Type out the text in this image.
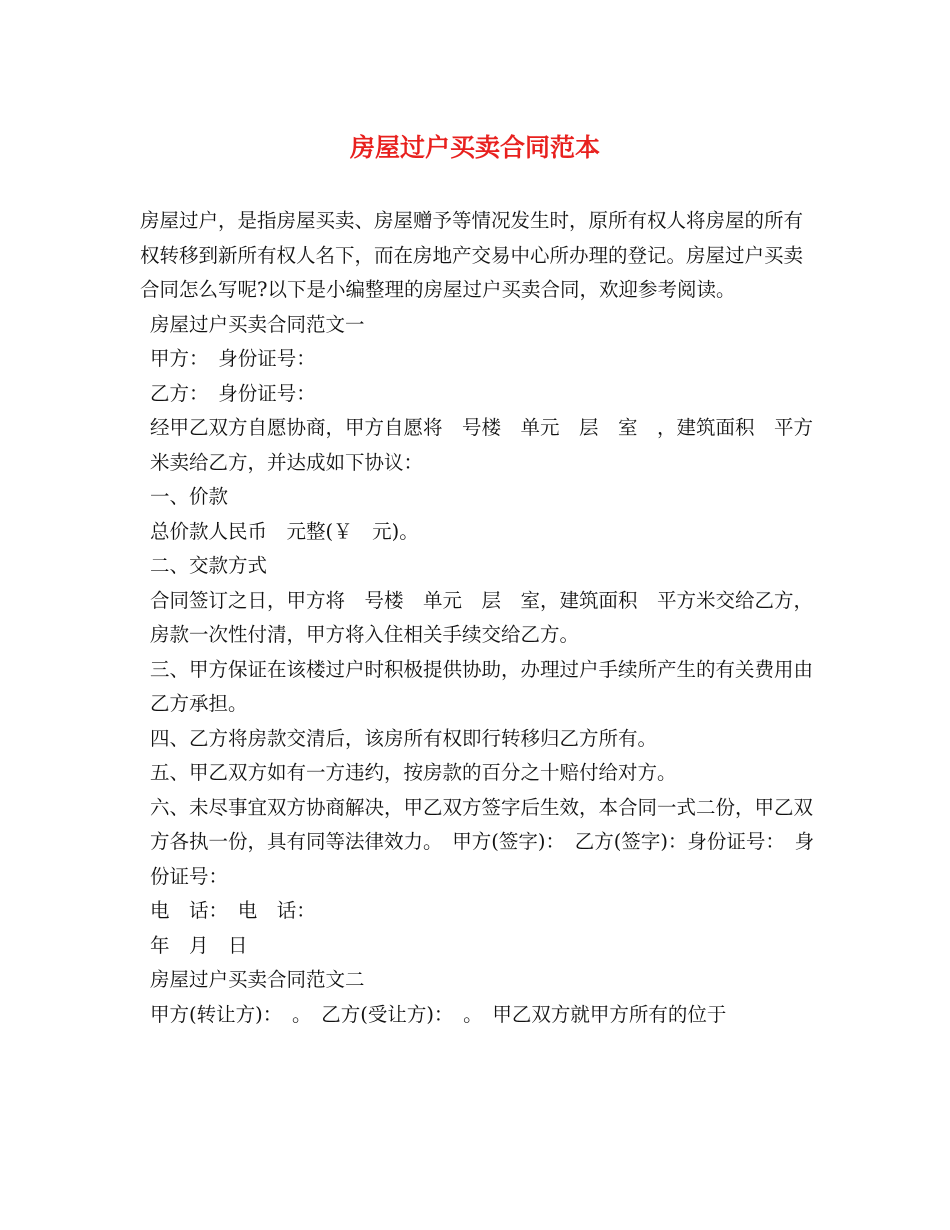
房屋过户买卖合同范本

房屋过户，是指房屋买卖、房屋赠予等情况发生时，原所有权人将房屋的所有权转移到新所有权人名下，而在房地产交易中心所办理的登记。房屋过户买卖合同怎么写呢?以下是小编整理的房屋过户买卖合同，欢迎参考阅读。

房屋过户买卖合同范文一

甲方：　身份证号：

乙方：　身份证号：

经甲乙双方自愿协商，甲方自愿将　号楼　单元　层　室　，建筑面积　平方米卖给乙方，并达成如下协议：

一、价款

总价款人民币　元整(￥　元)。

二、交款方式

合同签订之日，甲方将　号楼　单元　层　室，建筑面积　平方米交给乙方，房款一次性付清，甲方将入住相关手续交给乙方。

三、甲方保证在该楼过户时积极提供协助，办理过户手续所产生的有关费用由乙方承担。

四、乙方将房款交清后，该房所有权即行转移归乙方所有。

五、甲乙双方如有一方违约，按房款的百分之十赔付给对方。

六、未尽事宜双方协商解决，甲乙双方签字后生效，本合同一式二份，甲乙双方各执一份，具有同等法律效力。　甲方(签字)：　乙方(签字)：身份证号：　身份证号：

电　话：　电　话：

年　月　日

房屋过户买卖合同范文二

甲方(转让方)：　。　乙方(受让方)：　。　甲乙双方就甲方所有的位于
